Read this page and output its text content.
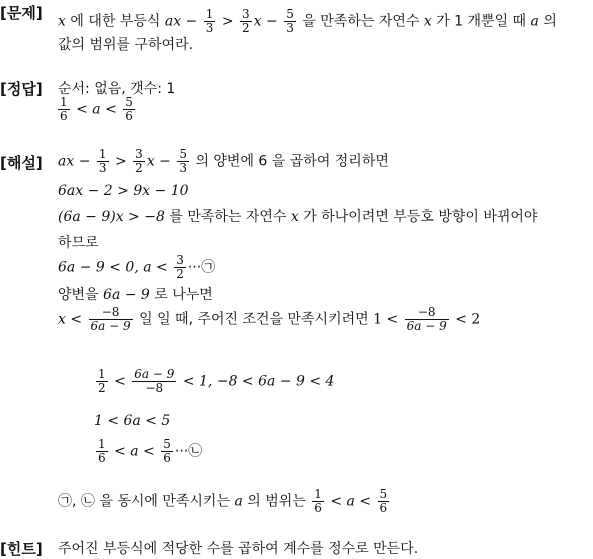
[문제]
[정답]
[해설]
[힌트]
x 에 대한 부등식 ax − $\frac{1}{3} > \frac{3}{2}$ $x - \frac{5}{3}$ 을 만족하는 자연수 x 가 1 개뿐일 때 a 의
값의 범위를 구하여라.
순서: 없음, 갯수: 1
$\frac{1}{6} < a < \frac{5}{6}$
ax − $\frac{1}{3} > \frac{3}{2}$ $x - \frac{5}{3}$ 의 양변에 6 을 곱하여 정리하면
6ax − 2 > 9x − 10
(6a − 9)x > −8 를 만족하는 자연수 x 가 하나이려면 부등호 방향이 바뀌어야
하므로
6a − 9 < 0, $a < \frac{3}{2}$ ···㉠
양변을 6a − 9 로 나누면
$x < \frac{-8}{6a - 9}$ 일 일 때, 주어진 조건을 만족시키려면 $1 < \frac{-8}{6a - 9} < 2$
$\frac{1}{2} < \frac{6a - 9}{-8} < 1$, −8 < 6a − 9 < 4
1 < 6a < 5
$\frac{1}{6} < a < \frac{5}{6}$ ···㉡
㉠, ㉡ 을 동시에 만족시키는 a 의 범위는 $\frac{1}{6} < a < \frac{5}{6}$
주어진 부등식에 적당한 수를 곱하여 계수를 정수로 만든다.
